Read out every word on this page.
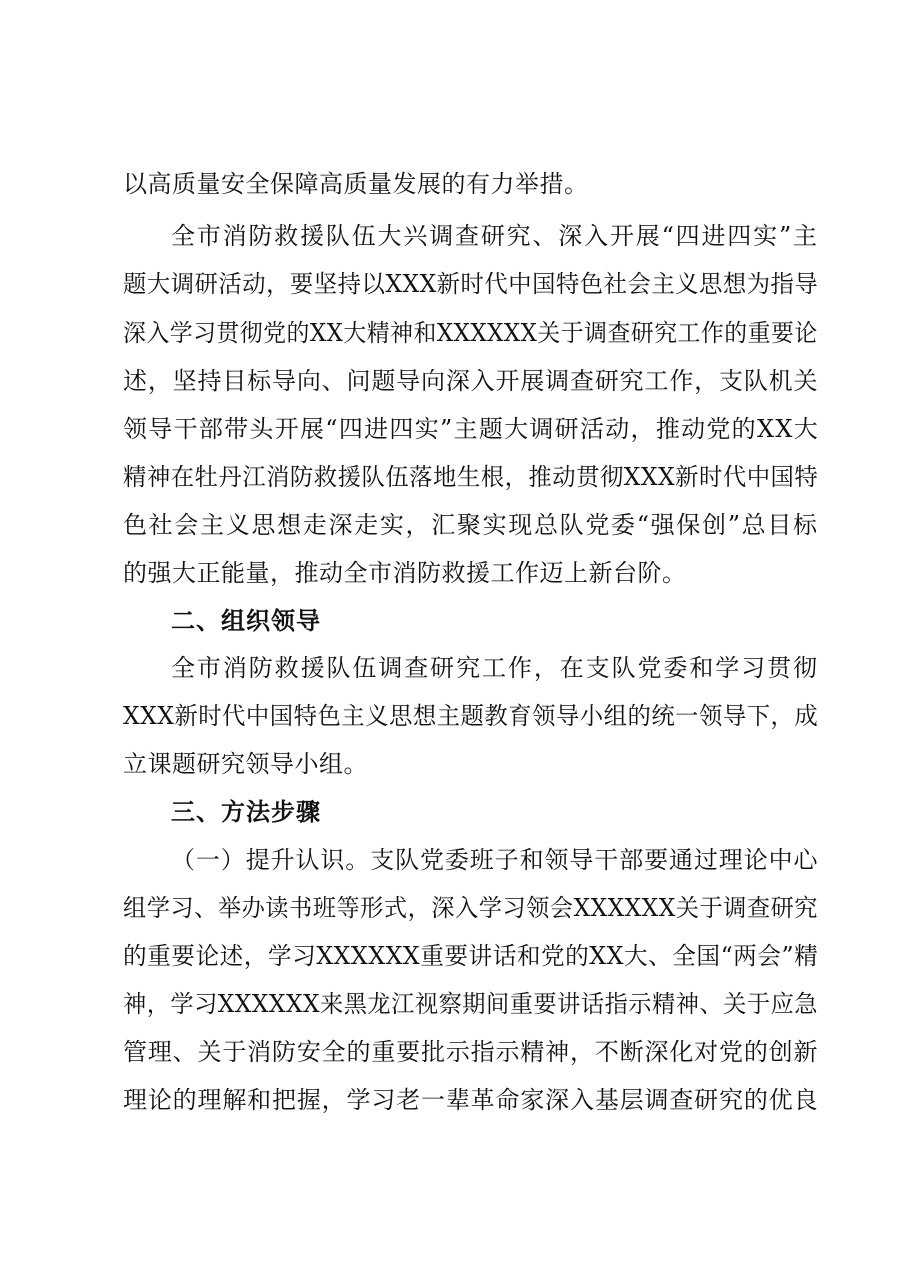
以高质量安全保障高质量发展的有力举措。
全市消防救援队伍大兴调查研究、深入开展“四进四实”主
题大调研活动，要坚持以XXX新时代中国特色社会主义思想为指导
深入学习贯彻党的XX大精神和XXXXXX关于调查研究工作的重要论
述，坚持目标导向、问题导向深入开展调查研究工作，支队机关
领导干部带头开展“四进四实”主题大调研活动，推动党的XX大
精神在牡丹江消防救援队伍落地生根，推动贯彻XXX新时代中国特
色社会主义思想走深走实，汇聚实现总队党委“强保创”总目标
的强大正能量，推动全市消防救援工作迈上新台阶。
二、组织领导
全市消防救援队伍调查研究工作，在支队党委和学习贯彻
XXX新时代中国特色主义思想主题教育领导小组的统一领导下，成
立课题研究领导小组。
三、方法步骤
（一）提升认识。支队党委班子和领导干部要通过理论中心
组学习、举办读书班等形式，深入学习领会XXXXXX关于调查研究
的重要论述，学习XXXXXX重要讲话和党的XX大、全国“两会”精
神，学习XXXXXX来黑龙江视察期间重要讲话指示精神、关于应急
管理、关于消防安全的重要批示指示精神，不断深化对党的创新
理论的理解和把握，学习老一辈革命家深入基层调查研究的优良
